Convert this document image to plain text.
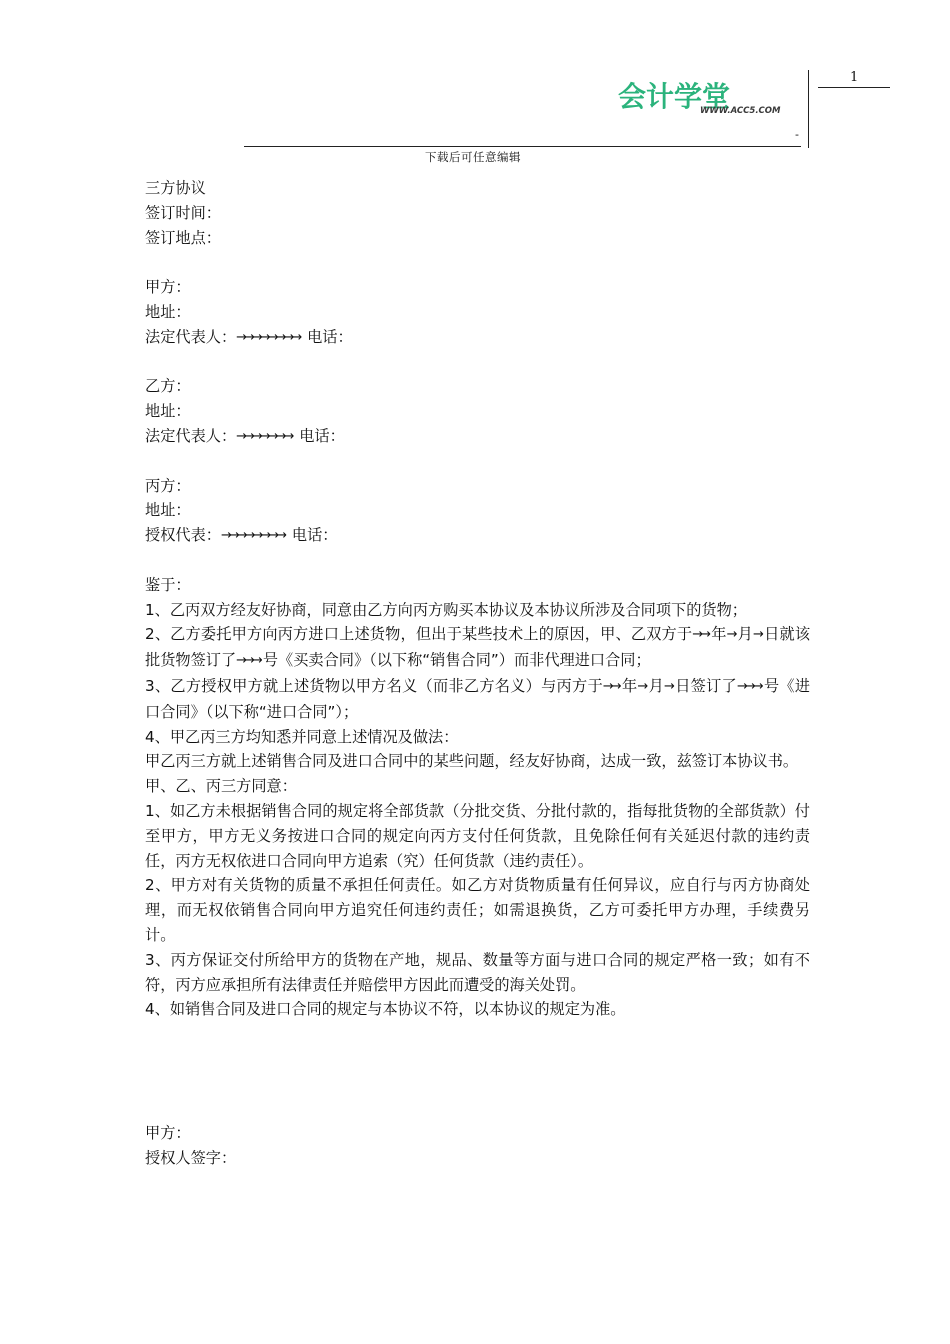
会计学堂
WWW.ACC5.COM
1
-
下载后可任意编辑
三方协议
签订时间：
签订地点：
甲方：
地址：
法定代表人：→→→→→→→→ 电话：
乙方：
地址：
法定代表人：→→→→→→→ 电话：
丙方：
地址：
授权代表：→→→→→→→→ 电话：
鉴于：
1、乙丙双方经友好协商，同意由乙方向丙方购买本协议及本协议所涉及合同项下的货物；
2、乙方委托甲方向丙方进口上述货物，但出于某些技术上的原因，甲、乙双方于→→ 年→ 月→ 日就该批货物签订了→→→ 号《买卖合同》（以下称“销售合同”）而非代理进口合同；
3、乙方授权甲方就上述货物以甲方名义（而非乙方名义）与丙方于→→ 年→ 月→ 日签订了→→→ 号《进口合同》（以下称“进口合同”）；
4、甲乙丙三方均知悉并同意上述情况及做法：
甲乙丙三方就上述销售合同及进口合同中的某些问题，经友好协商，达成一致，兹签订本协议书。
甲、乙、丙三方同意：
1、如乙方未根据销售合同的规定将全部货款（分批交货、分批付款的，指每批货物的全部货款）付至甲方，甲方无义务按进口合同的规定向丙方支付任何货款，且免除任何有关延迟付款的违约责任，丙方无权依进口合同向甲方追索（究）任何货款（违约责任）。
2、甲方对有关货物的质量不承担任何责任。如乙方对货物质量有任何异议，应自行与丙方协商处理，而无权依销售合同向甲方追究任何违约责任；如需退换货，乙方可委托甲方办理，手续费另计。
3、丙方保证交付所给甲方的货物在产地，规品、数量等方面与进口合同的规定严格一致；如有不符，丙方应承担所有法律责任并赔偿甲方因此而遭受的海关处罚。
4、如销售合同及进口合同的规定与本协议不符，以本协议的规定为准。
甲方：
授权人签字：
